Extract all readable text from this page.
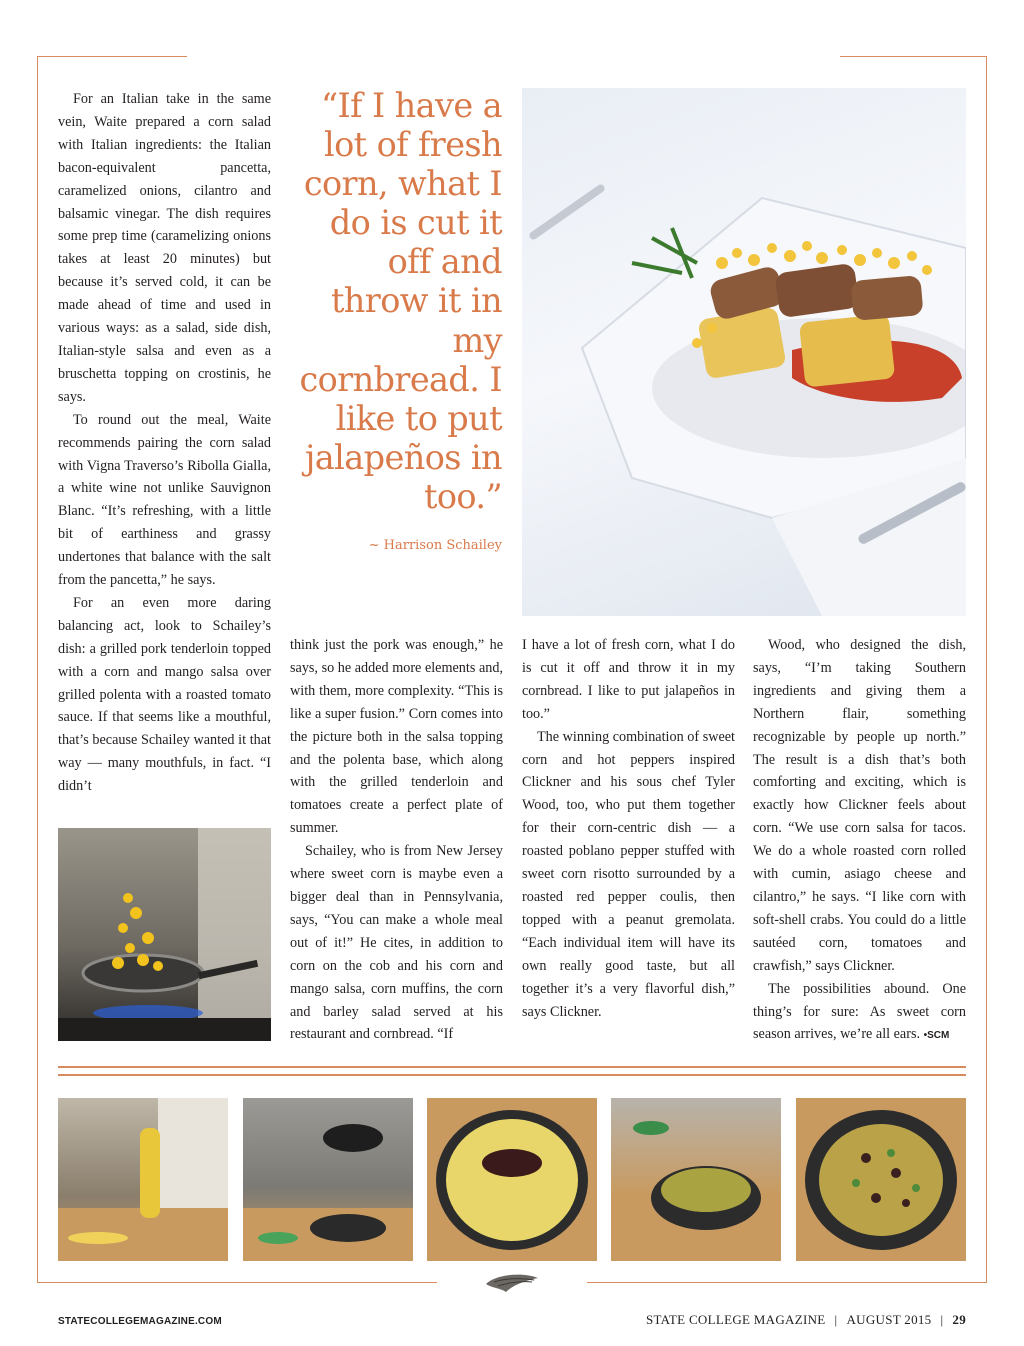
For an Italian take in the same vein, Waite prepared a corn salad with Italian ingredients: the Italian bacon-equivalent pancetta, caramelized onions, cilantro and balsamic vinegar. The dish requires some prep time (caramelizing onions takes at least 20 minutes) but because it’s served cold, it can be made ahead of time and used in various ways: as a salad, side dish, Italian-style salsa and even as a bruschetta topping on crostinis, he says.

To round out the meal, Waite recommends pairing the corn salad with Vigna Traverso’s Ribolla Gialla, a white wine not unlike Sauvignon Blanc. “It’s refreshing, with a little bit of earthiness and grassy undertones that balance with the salt from the pancetta,” he says.

For an even more daring balancing act, look to Schailey’s dish: a grilled pork tenderloin topped with a corn and mango salsa over grilled polenta with a roasted tomato sauce. If that seems like a mouthful, that’s because Schailey wanted it that way — many mouthfuls, in fact. “I didn’t

think just the pork was enough,” he says, so he added more elements and, with them, more complexity. “This is like a super fusion.” Corn comes into the picture both in the salsa topping and the polenta base, which along with the grilled tenderloin and tomatoes create a perfect plate of summer.

Schailey, who is from New Jersey where sweet corn is maybe even a bigger deal than in Pennsylvania, says, “You can make a whole meal out of it!” He cites, in addition to corn on the cob and his corn and mango salsa, corn muffins, the corn and barley salad served at his restaurant and cornbread. “If

I have a lot of fresh corn, what I do is cut it off and throw it in my cornbread. I like to put jalapeños in too.”

The winning combination of sweet corn and hot peppers inspired Clickner and his sous chef Tyler Wood, too, who put them together for their corn-centric dish — a roasted poblano pepper stuffed with sweet corn risotto surrounded by a roasted red pepper coulis, then topped with a peanut gremolata. “Each individual item will have its own really good taste, but all together it’s a very flavorful dish,” says Clickner.

Wood, who designed the dish, says, “I’m taking Southern ingredients and giving them a Northern flair, something recognizable by people up north.” The result is a dish that’s both comforting and exciting, which is exactly how Clickner feels about corn. “We use corn salsa for tacos. We do a whole roasted corn rolled with cumin, asiago cheese and cilantro,” he says. “I like corn with soft-shell crabs. You could do a little sautéed corn, tomatoes and crawfish,” says Clickner.

The possibilities abound. One thing’s for sure: As sweet corn season arrives, we’re all ears. •SCM

“If I have a lot of fresh corn, what I do is cut it off and throw it in my cornbread. I like to put jalapeños in too.”
~ Harrison Schailey
STATECOLLEGEMAGAZINE.COM	STATE COLLEGE MAGAZINE | AUGUST 2015 | 29
